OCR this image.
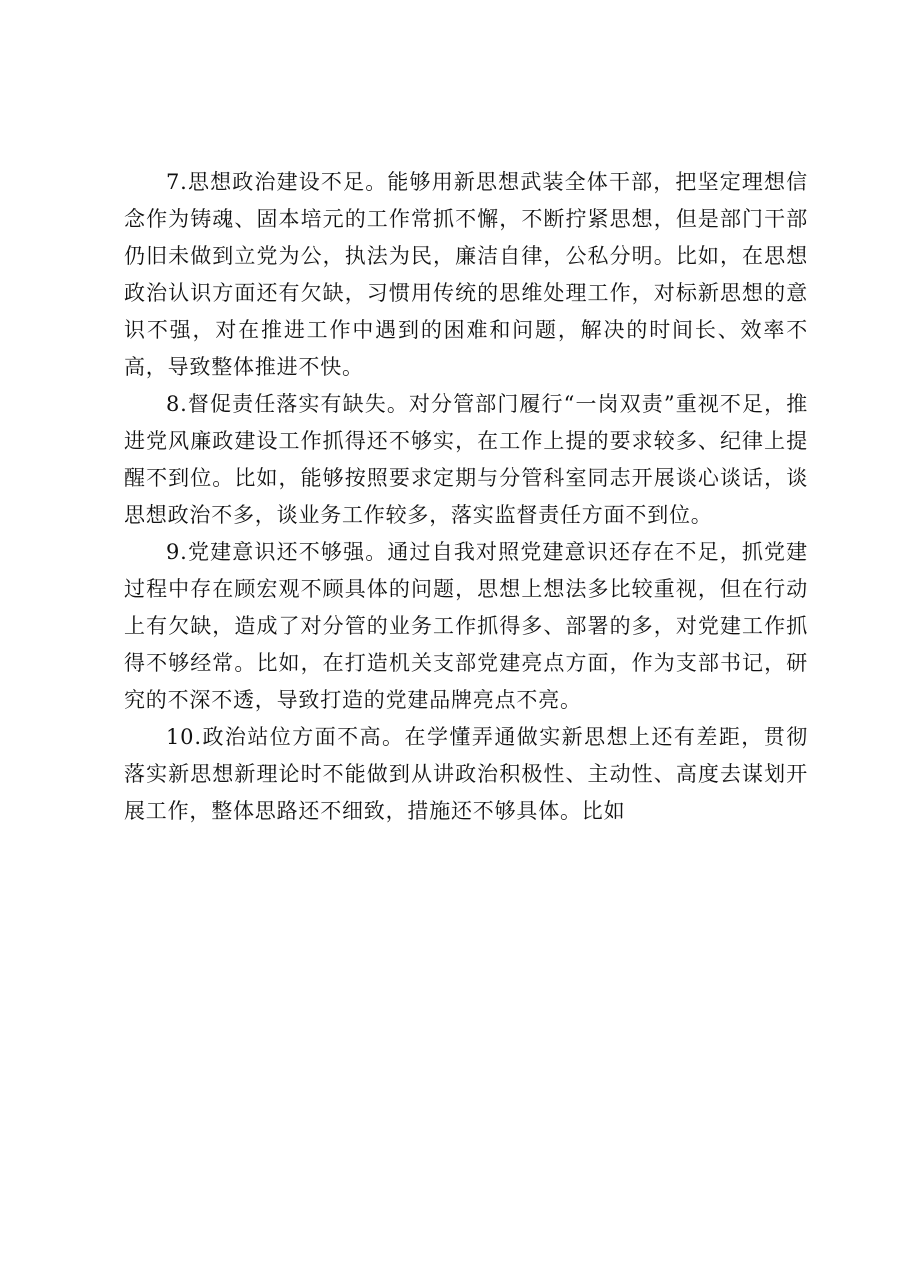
7.思想政治建设不足。能够用新思想武装全体干部，把坚定理想信念作为铸魂、固本培元的工作常抓不懈，不断拧紧思想，但是部门干部仍旧未做到立党为公，执法为民，廉洁自律，公私分明。比如，在思想政治认识方面还有欠缺，习惯用传统的思维处理工作，对标新思想的意识不强，对在推进工作中遇到的困难和问题，解决的时间长、效率不高，导致整体推进不快。

8.督促责任落实有缺失。对分管部门履行“一岗双责”重视不足，推进党风廉政建设工作抓得还不够实，在工作上提的要求较多、纪律上提醒不到位。比如，能够按照要求定期与分管科室同志开展谈心谈话，谈思想政治不多，谈业务工作较多，落实监督责任方面不到位。

9.党建意识还不够强。通过自我对照党建意识还存在不足，抓党建过程中存在顾宏观不顾具体的问题，思想上想法多比较重视，但在行动上有欠缺，造成了对分管的业务工作抓得多、部署的多，对党建工作抓得不够经常。比如，在打造机关支部党建亮点方面，作为支部书记，研究的不深不透，导致打造的党建品牌亮点不亮。

10.政治站位方面不高。在学懂弄通做实新思想上还有差距，贯彻落实新思想新理论时不能做到从讲政治积极性、主动性、高度去谋划开展工作，整体思路还不细致，措施还不够具体。比如
